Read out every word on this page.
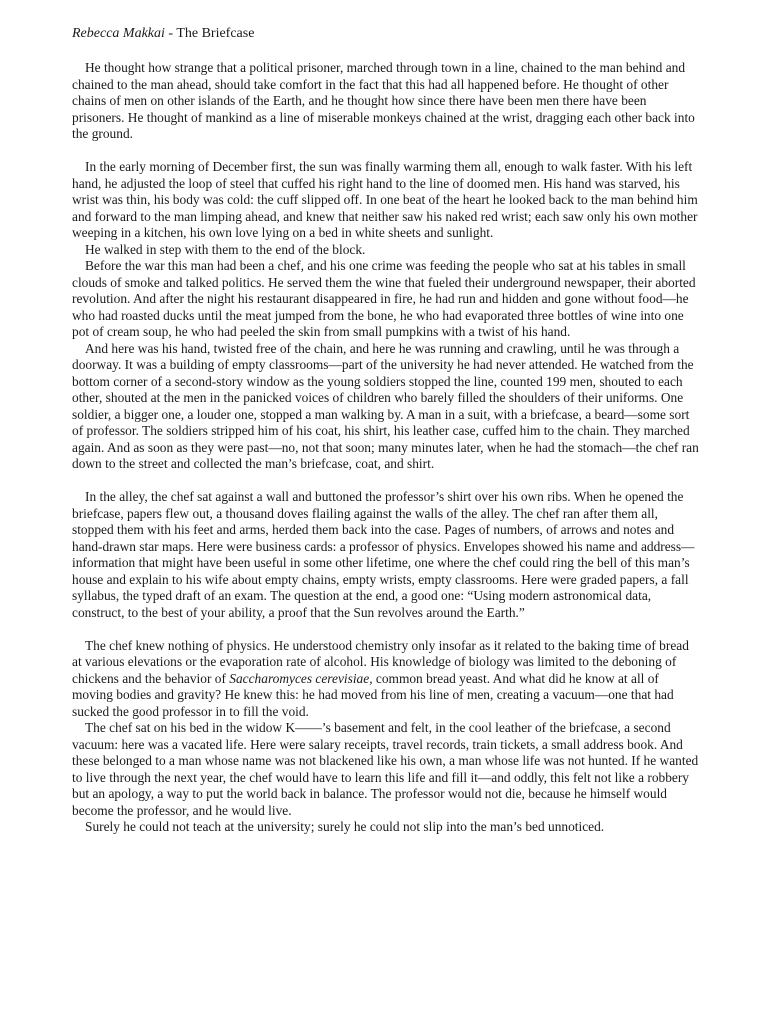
Rebecca Makkai - The Briefcase

He thought how strange that a political prisoner, marched through town in a line, chained to the man behind and chained to the man ahead, should take comfort in the fact that this had all happened before. He thought of other chains of men on other islands of the Earth, and he thought how since there have been men there have been prisoners. He thought of mankind as a line of miserable monkeys chained at the wrist, dragging each other back into the ground.

In the early morning of December first, the sun was finally warming them all, enough to walk faster. With his left hand, he adjusted the loop of steel that cuffed his right hand to the line of doomed men. His hand was starved, his wrist was thin, his body was cold: the cuff slipped off. In one beat of the heart he looked back to the man behind him and forward to the man limping ahead, and knew that neither saw his naked red wrist; each saw only his own mother weeping in a kitchen, his own love lying on a bed in white sheets and sunlight.

He walked in step with them to the end of the block.

Before the war this man had been a chef, and his one crime was feeding the people who sat at his tables in small clouds of smoke and talked politics. He served them the wine that fueled their underground newspaper, their aborted revolution. And after the night his restaurant disappeared in fire, he had run and hidden and gone without food—he who had roasted ducks until the meat jumped from the bone, he who had evaporated three bottles of wine into one pot of cream soup, he who had peeled the skin from small pumpkins with a twist of his hand.

And here was his hand, twisted free of the chain, and here he was running and crawling, until he was through a doorway. It was a building of empty classrooms—part of the university he had never attended. He watched from the bottom corner of a second-story window as the young soldiers stopped the line, counted 199 men, shouted to each other, shouted at the men in the panicked voices of children who barely filled the shoulders of their uniforms. One soldier, a bigger one, a louder one, stopped a man walking by. A man in a suit, with a briefcase, a beard—some sort of professor. The soldiers stripped him of his coat, his shirt, his leather case, cuffed him to the chain. They marched again. And as soon as they were past—no, not that soon; many minutes later, when he had the stomach—the chef ran down to the street and collected the man’s briefcase, coat, and shirt.

In the alley, the chef sat against a wall and buttoned the professor’s shirt over his own ribs. When he opened the briefcase, papers flew out, a thousand doves flailing against the walls of the alley. The chef ran after them all, stopped them with his feet and arms, herded them back into the case. Pages of numbers, of arrows and notes and hand-drawn star maps. Here were business cards: a professor of physics. Envelopes showed his name and address—information that might have been useful in some other lifetime, one where the chef could ring the bell of this man’s house and explain to his wife about empty chains, empty wrists, empty classrooms. Here were graded papers, a fall syllabus, the typed draft of an exam. The question at the end, a good one: “Using modern astronomical data, construct, to the best of your ability, a proof that the Sun revolves around the Earth.”

The chef knew nothing of physics. He understood chemistry only insofar as it related to the baking time of bread at various elevations or the evaporation rate of alcohol. His knowledge of biology was limited to the deboning of chickens and the behavior of Saccharomyces cerevisiae, common bread yeast. And what did he know at all of moving bodies and gravity? He knew this: he had moved from his line of men, creating a vacuum—one that had sucked the good professor in to fill the void.

The chef sat on his bed in the widow K——’s basement and felt, in the cool leather of the briefcase, a second vacuum: here was a vacated life. Here were salary receipts, travel records, train tickets, a small address book. And these belonged to a man whose name was not blackened like his own, a man whose life was not hunted. If he wanted to live through the next year, the chef would have to learn this life and fill it—and oddly, this felt not like a robbery but an apology, a way to put the world back in balance. The professor would not die, because he himself would become the professor, and he would live.

Surely he could not teach at the university; surely he could not slip into the man’s bed unnoticed.
